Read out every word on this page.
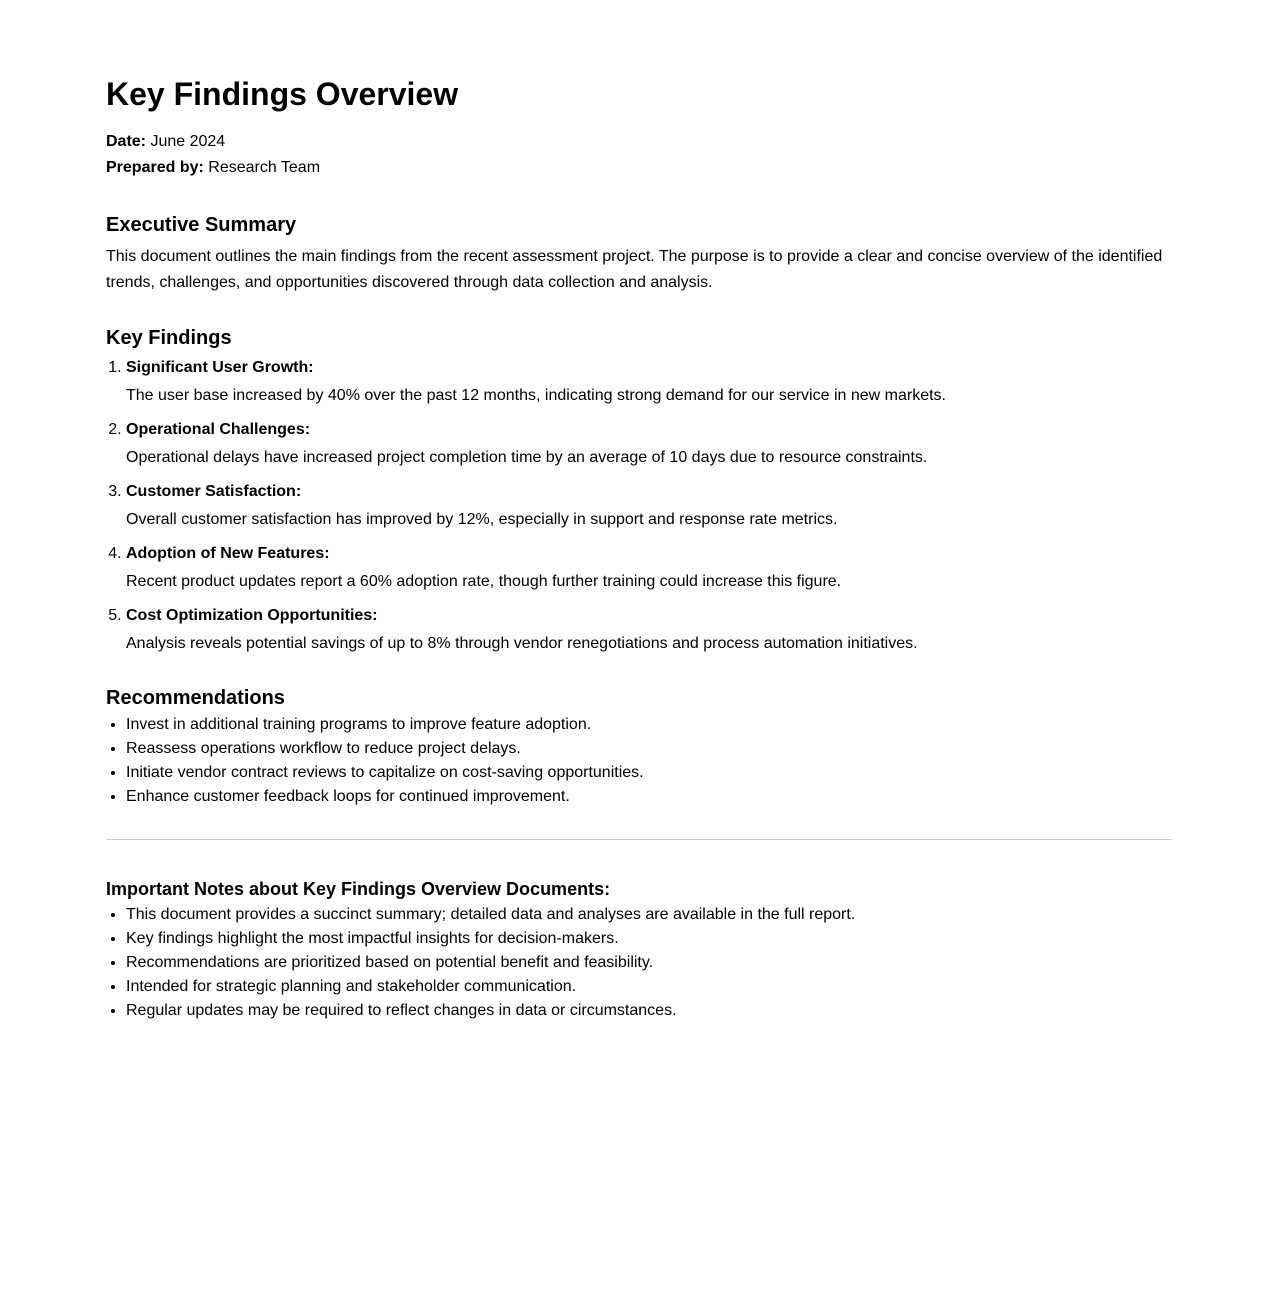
Key Findings Overview
Date: June 2024
Prepared by: Research Team
Executive Summary

This document outlines the main findings from the recent assessment project. The purpose is to provide a clear and concise overview of the identified trends, challenges, and opportunities discovered through data collection and analysis.

Key Findings
1. Significant User Growth:
The user base increased by 40% over the past 12 months, indicating strong demand for our service in new markets.
2. Operational Challenges:
Operational delays have increased project completion time by an average of 10 days due to resource constraints.
3. Customer Satisfaction:
Overall customer satisfaction has improved by 12%, especially in support and response rate metrics.
4. Adoption of New Features:
Recent product updates report a 60% adoption rate, though further training could increase this figure.
5. Cost Optimization Opportunities:
Analysis reveals potential savings of up to 8% through vendor renegotiations and process automation initiatives.
Recommendations
• Invest in additional training programs to improve feature adoption.
• Reassess operations workflow to reduce project delays.
• Initiate vendor contract reviews to capitalize on cost-saving opportunities.
• Enhance customer feedback loops for continued improvement.
Important Notes about Key Findings Overview Documents:
• This document provides a succinct summary; detailed data and analyses are available in the full report.
• Key findings highlight the most impactful insights for decision-makers.
• Recommendations are prioritized based on potential benefit and feasibility.
• Intended for strategic planning and stakeholder communication.
• Regular updates may be required to reflect changes in data or circumstances.
